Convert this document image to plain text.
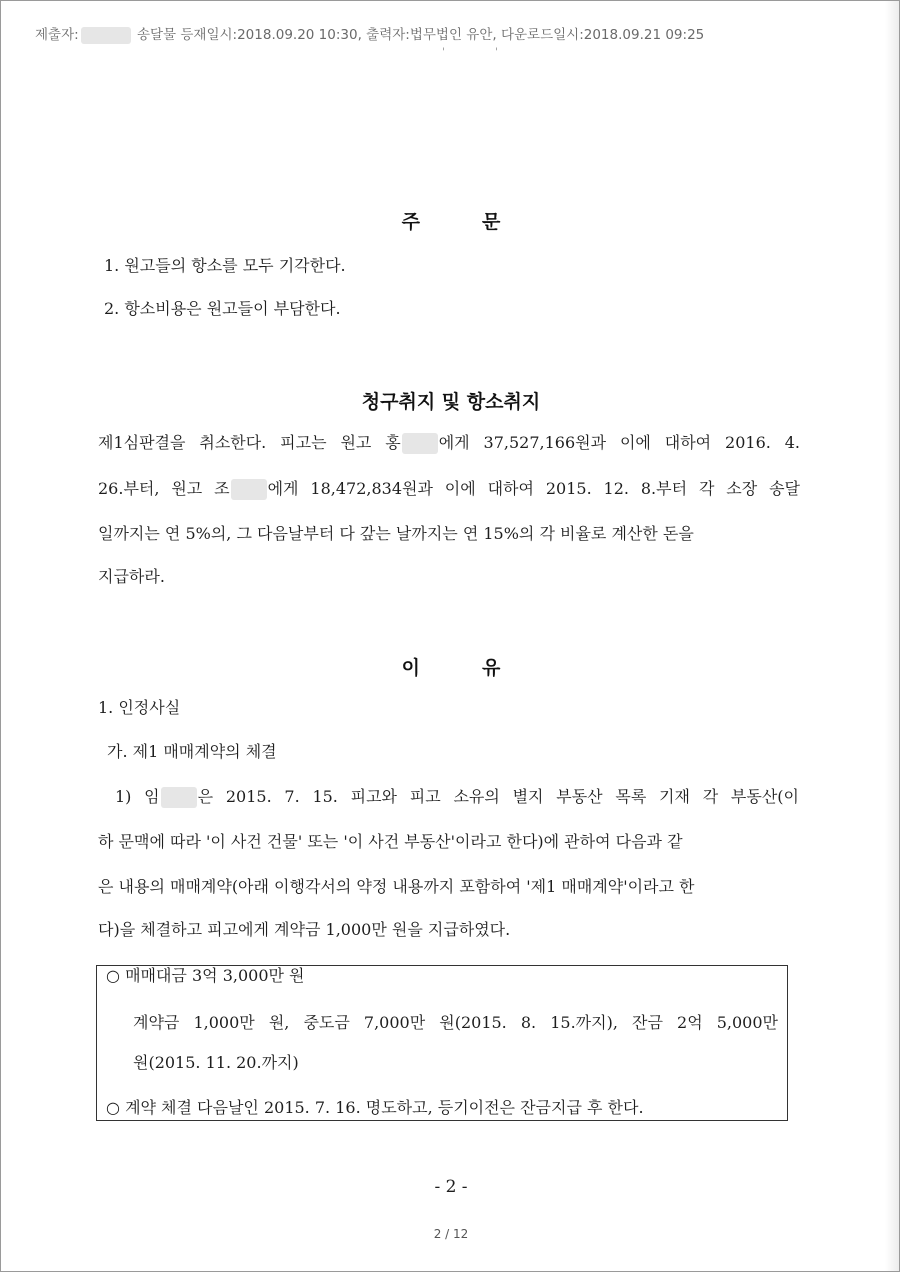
제출자:	송달물 등재일시:2018.09.20 10:30, 출력자:법무법인 유안, 다운로드일시:2018.09.21 09:25
'	'
주	문
1. 원고들의 항소를 모두 기각한다.
2. 항소비용은 원고들이 부담한다.
청구취지 및 항소취지
제1심판결을 취소한다. 피고는 원고 홍 에게 37,527,166원과 이에 대하여 2016. 4.
26.부터, 원고 조 에게 18,472,834원과 이에 대하여 2015. 12. 8.부터 각 소장 송달
일까지는 연 5%의, 그 다음날부터 다 갚는 날까지는 연 15%의 각 비율로 계산한 돈을
지급하라.
이	유
1. 인정사실
가. 제1 매매계약의 체결
1) 임 은 2015. 7. 15. 피고와 피고 소유의 별지 부동산 목록 기재 각 부동산(이
하 문맥에 따라 '이 사건 건물' 또는 '이 사건 부동산'이라고 한다)에 관하여 다음과 같
은 내용의 매매계약(아래 이행각서의 약정 내용까지 포함하여 '제1 매매계약'이라고 한
다)을 체결하고 피고에게 계약금 1,000만 원을 지급하였다.
○ 매매대금 3억 3,000만 원
계약금 1,000만 원, 중도금 7,000만 원(2015. 8. 15.까지), 잔금 2억 5,000만
원(2015. 11. 20.까지)
○ 계약 체결 다음날인 2015. 7. 16. 명도하고, 등기이전은 잔금지급 후 한다.
- 2 -
2 / 12
